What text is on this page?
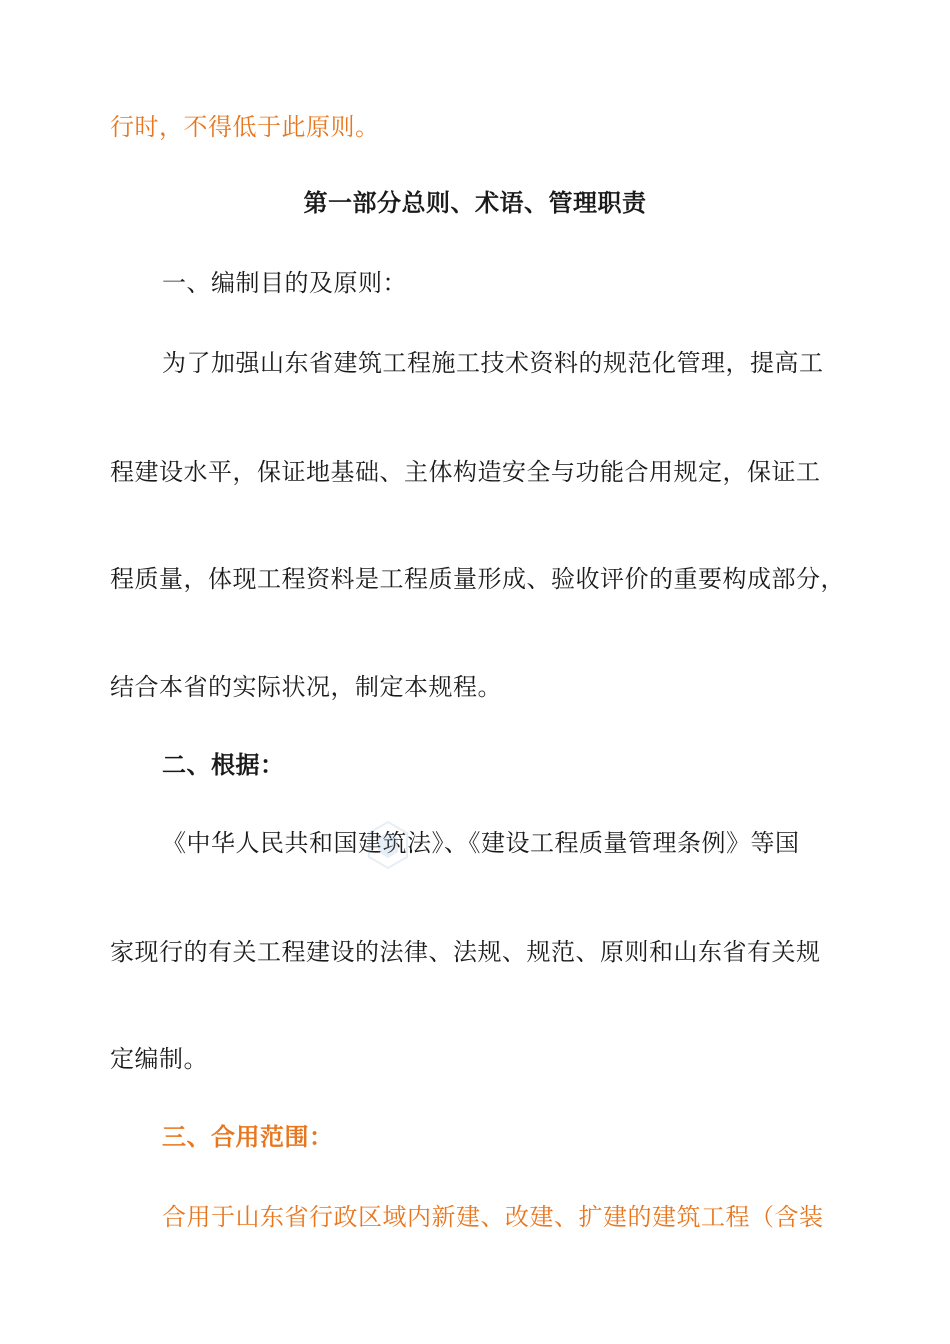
行时，不得低于此原则。
第一部分总则、术语、管理职责
一、编制目的及原则：
为了加强山东省建筑工程施工技术资料的规范化管理，提高工
程建设水平，保证地基础、主体构造安全与功能合用规定，保证工
程质量，体现工程资料是工程质量形成、验收评价的重要构成部分，
结合本省的实际状况，制定本规程。
二、根据：
《中华人民共和国建筑法》、《建设工程质量管理条例》等国
家现行的有关工程建设的法律、法规、规范、原则和山东省有关规
定编制。
三、合用范围：
合用于山东省行政区域内新建、改建、扩建的建筑工程（含装
